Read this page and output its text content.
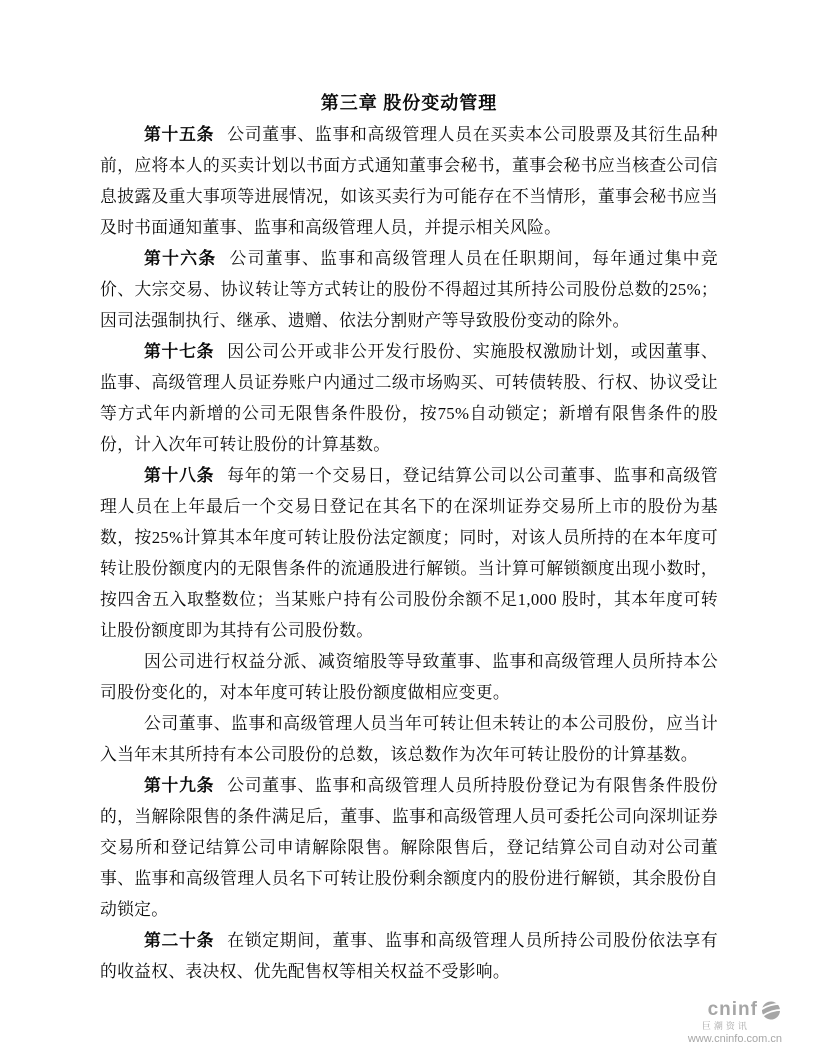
第三章 股份变动管理

第十五条 公司董事、监事和高级管理人员在买卖本公司股票及其衍生品种前，应将本人的买卖计划以书面方式通知董事会秘书，董事会秘书应当核查公司信息披露及重大事项等进展情况，如该买卖行为可能存在不当情形，董事会秘书应当及时书面通知董事、监事和高级管理人员，并提示相关风险。

第十六条 公司董事、监事和高级管理人员在任职期间，每年通过集中竞价、大宗交易、协议转让等方式转让的股份不得超过其所持公司股份总数的25%；因司法强制执行、继承、遗赠、依法分割财产等导致股份变动的除外。

第十七条 因公司公开或非公开发行股份、实施股权激励计划，或因董事、监事、高级管理人员证券账户内通过二级市场购买、可转债转股、行权、协议受让等方式年内新增的公司无限售条件股份，按75%自动锁定；新增有限售条件的股份，计入次年可转让股份的计算基数。

第十八条 每年的第一个交易日，登记结算公司以公司董事、监事和高级管理人员在上年最后一个交易日登记在其名下的在深圳证券交易所上市的股份为基数，按25%计算其本年度可转让股份法定额度；同时，对该人员所持的在本年度可转让股份额度内的无限售条件的流通股进行解锁。当计算可解锁额度出现小数时，按四舍五入取整数位；当某账户持有公司股份余额不足1,000 股时，其本年度可转让股份额度即为其持有公司股份数。

因公司进行权益分派、减资缩股等导致董事、监事和高级管理人员所持本公司股份变化的，对本年度可转让股份额度做相应变更。

公司董事、监事和高级管理人员当年可转让但未转让的本公司股份，应当计入当年末其所持有本公司股份的总数，该总数作为次年可转让股份的计算基数。

第十九条 公司董事、监事和高级管理人员所持股份登记为有限售条件股份的，当解除限售的条件满足后，董事、监事和高级管理人员可委托公司向深圳证券交易所和登记结算公司申请解除限售。解除限售后，登记结算公司自动对公司董事、监事和高级管理人员名下可转让股份剩余额度内的股份进行解锁，其余股份自动锁定。

第二十条 在锁定期间，董事、监事和高级管理人员所持公司股份依法享有的收益权、表决权、优先配售权等相关权益不受影响。

cninf
巨潮资讯
www.cninfo.com.cn
